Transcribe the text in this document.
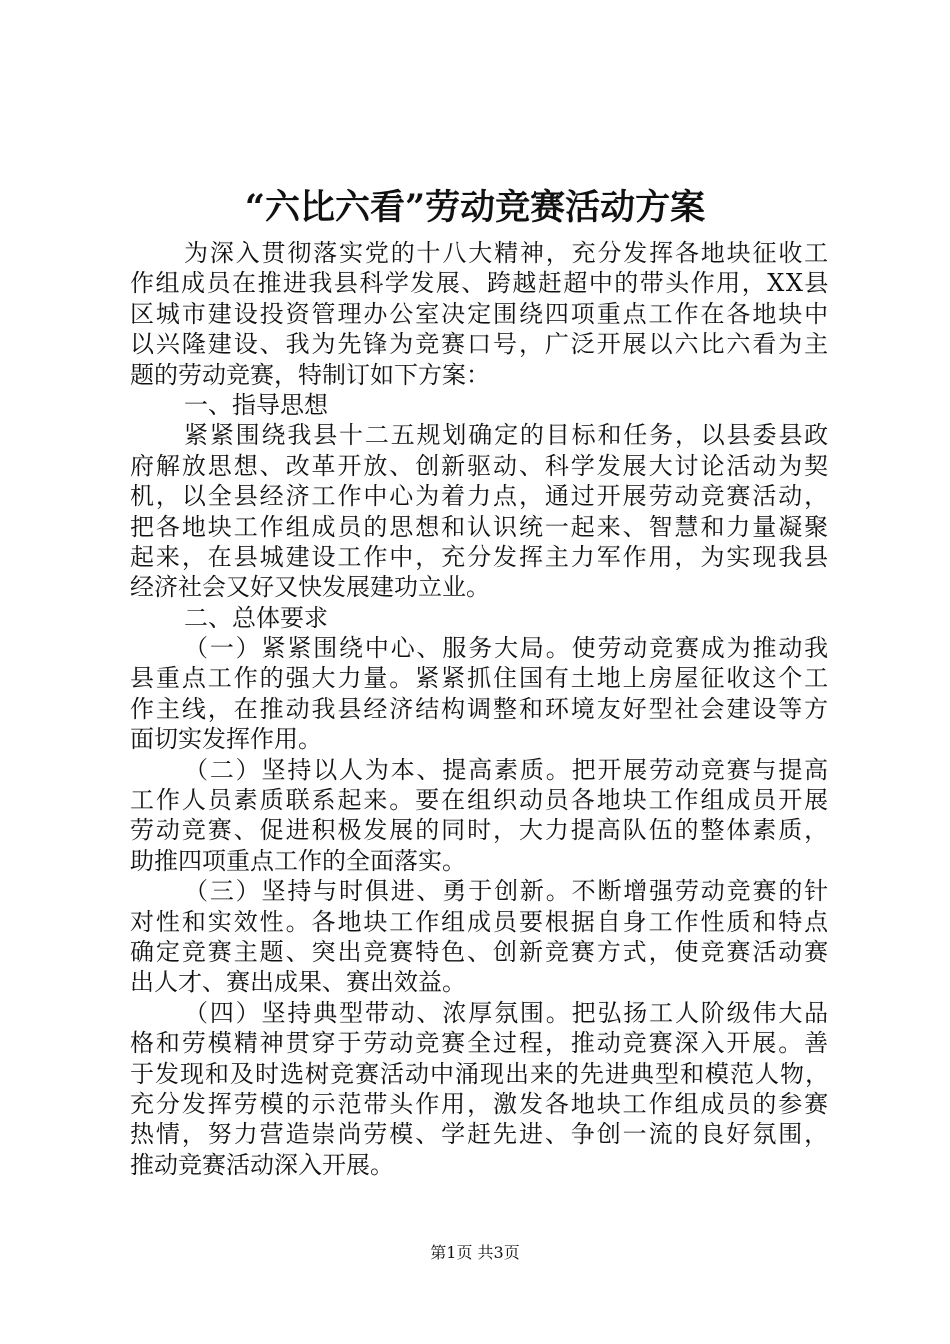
“六比六看”劳动竞赛活动方案
为深入贯彻落实党的十八大精神，充分发挥各地块征收工
作组成员在推进我县科学发展、跨越赶超中的带头作用，XX县
区城市建设投资管理办公室决定围绕四项重点工作在各地块中
以兴隆建设、我为先锋为竞赛口号，广泛开展以六比六看为主
题的劳动竞赛，特制订如下方案：
一、指导思想
紧紧围绕我县十二五规划确定的目标和任务，以县委县政
府解放思想、改革开放、创新驱动、科学发展大讨论活动为契
机，以全县经济工作中心为着力点，通过开展劳动竞赛活动，
把各地块工作组成员的思想和认识统一起来、智慧和力量凝聚
起来，在县城建设工作中，充分发挥主力军作用，为实现我县
经济社会又好又快发展建功立业。
二、总体要求
（一）紧紧围绕中心、服务大局。使劳动竞赛成为推动我
县重点工作的强大力量。紧紧抓住国有土地上房屋征收这个工
作主线，在推动我县经济结构调整和环境友好型社会建设等方
面切实发挥作用。
（二）坚持以人为本、提高素质。把开展劳动竞赛与提高
工作人员素质联系起来。要在组织动员各地块工作组成员开展
劳动竞赛、促进积极发展的同时，大力提高队伍的整体素质，
助推四项重点工作的全面落实。
（三）坚持与时俱进、勇于创新。不断增强劳动竞赛的针
对性和实效性。各地块工作组成员要根据自身工作性质和特点
确定竞赛主题、突出竞赛特色、创新竞赛方式，使竞赛活动赛
出人才、赛出成果、赛出效益。
（四）坚持典型带动、浓厚氛围。把弘扬工人阶级伟大品
格和劳模精神贯穿于劳动竞赛全过程，推动竞赛深入开展。善
于发现和及时选树竞赛活动中涌现出来的先进典型和模范人物，
充分发挥劳模的示范带头作用，激发各地块工作组成员的参赛
热情，努力营造崇尚劳模、学赶先进、争创一流的良好氛围，
推动竞赛活动深入开展。
第1页 共3页
